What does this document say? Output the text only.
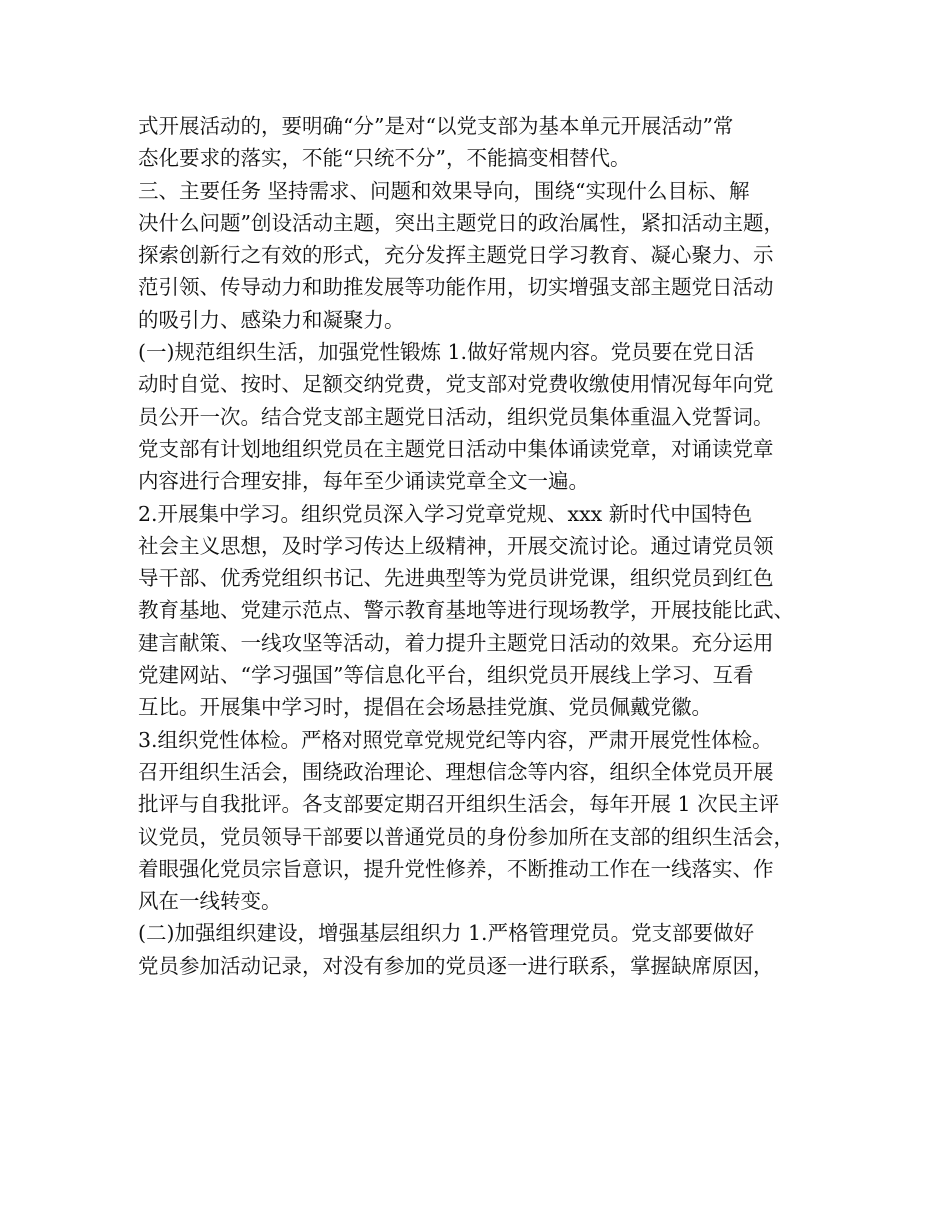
式开展活动的，要明确“分”是对“以党支部为基本单元开展活动”常
态化要求的落实，不能“只统不分”，不能搞变相替代。

三、主要任务 坚持需求、问题和效果导向，围绕“实现什么目标、解
决什么问题”创设活动主题，突出主题党日的政治属性，紧扣活动主题，
探索创新行之有效的形式，充分发挥主题党日学习教育、凝心聚力、示
范引领、传导动力和助推发展等功能作用，切实增强支部主题党日活动
的吸引力、感染力和凝聚力。

(一)规范组织生活，加强党性锻炼 1.做好常规内容。党员要在党日活
动时自觉、按时、足额交纳党费，党支部对党费收缴使用情况每年向党
员公开一次。结合党支部主题党日活动，组织党员集体重温入党誓词。
党支部有计划地组织党员在主题党日活动中集体诵读党章，对诵读党章
内容进行合理安排，每年至少诵读党章全文一遍。

2.开展集中学习。组织党员深入学习党章党规、xxx 新时代中国特色
社会主义思想，及时学习传达上级精神，开展交流讨论。通过请党员领
导干部、优秀党组织书记、先进典型等为党员讲党课，组织党员到红色
教育基地、党建示范点、警示教育基地等进行现场教学，开展技能比武、
建言献策、一线攻坚等活动，着力提升主题党日活动的效果。充分运用
党建网站、“学习强国”等信息化平台，组织党员开展线上学习、互看
互比。开展集中学习时，提倡在会场悬挂党旗、党员佩戴党徽。

3.组织党性体检。严格对照党章党规党纪等内容，严肃开展党性体检。
召开组织生活会，围绕政治理论、理想信念等内容，组织全体党员开展
批评与自我批评。各支部要定期召开组织生活会，每年开展 1 次民主评
议党员，党员领导干部要以普通党员的身份参加所在支部的组织生活会，
着眼强化党员宗旨意识，提升党性修养，不断推动工作在一线落实、作
风在一线转变。

(二)加强组织建设，增强基层组织力 1.严格管理党员。党支部要做好
党员参加活动记录，对没有参加的党员逐一进行联系，掌握缺席原因，
